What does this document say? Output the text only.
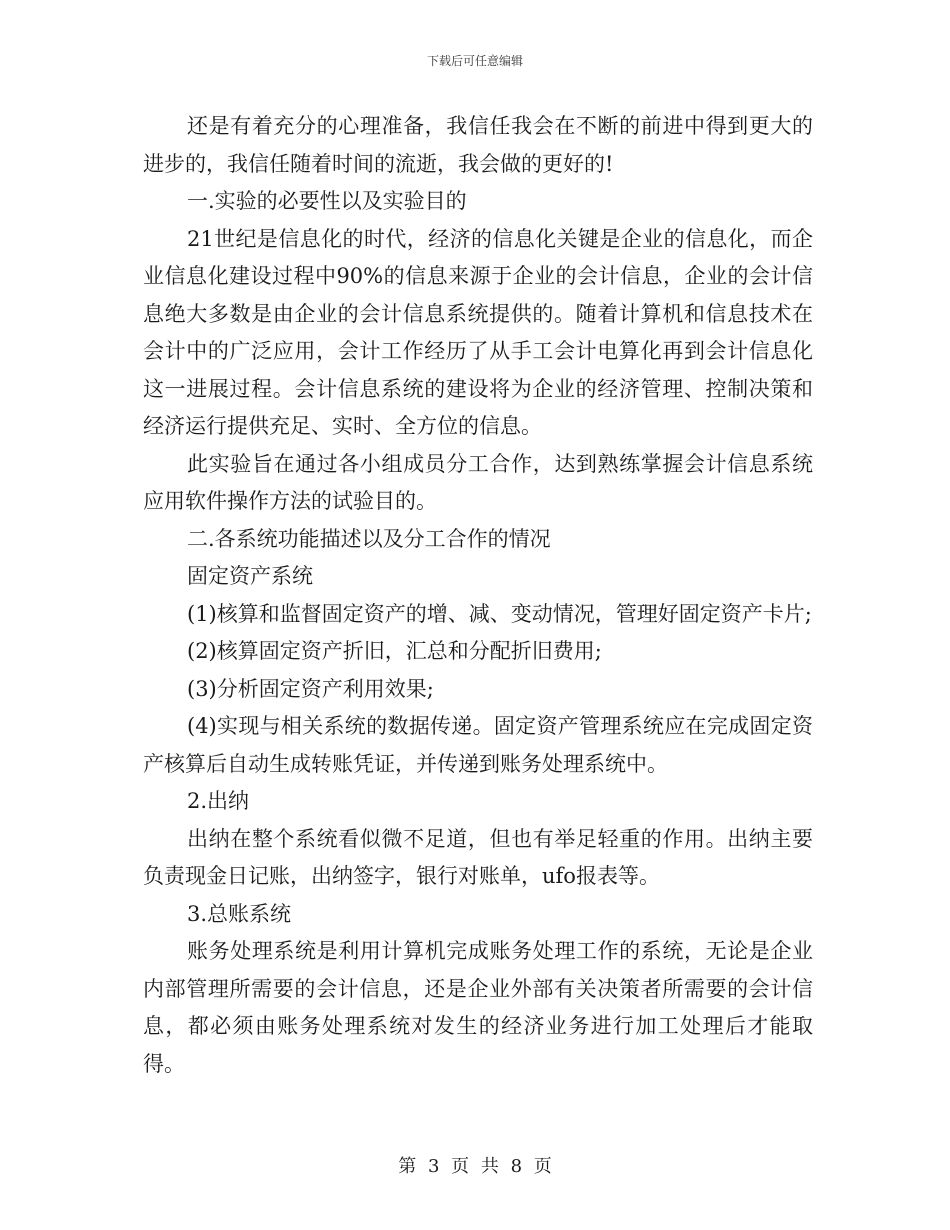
下载后可任意编辑

还是有着充分的心理准备，我信任我会在不断的前进中得到更大的进步的，我信任随着时间的流逝，我会做的更好的!

一.实验的必要性以及实验目的

21世纪是信息化的时代，经济的信息化关键是企业的信息化，而企业信息化建设过程中90%的信息来源于企业的会计信息，企业的会计信息绝大多数是由企业的会计信息系统提供的。随着计算机和信息技术在会计中的广泛应用，会计工作经历了从手工会计电算化再到会计信息化这一进展过程。会计信息系统的建设将为企业的经济管理、控制决策和经济运行提供充足、实时、全方位的信息。

此实验旨在通过各小组成员分工合作，达到熟练掌握会计信息系统应用软件操作方法的试验目的。

二.各系统功能描述以及分工合作的情况

固定资产系统

(1)核算和监督固定资产的增、减、变动情况，管理好固定资产卡片;

(2)核算固定资产折旧，汇总和分配折旧费用;

(3)分析固定资产利用效果;

(4)实现与相关系统的数据传递。固定资产管理系统应在完成固定资产核算后自动生成转账凭证，并传递到账务处理系统中。

2.出纳

出纳在整个系统看似微不足道，但也有举足轻重的作用。出纳主要负责现金日记账，出纳签字，银行对账单，ufo报表等。

3.总账系统

账务处理系统是利用计算机完成账务处理工作的系统，无论是企业内部管理所需要的会计信息，还是企业外部有关决策者所需要的会计信息，都必须由账务处理系统对发生的经济业务进行加工处理后才能取得。

第 3 页 共 8 页
